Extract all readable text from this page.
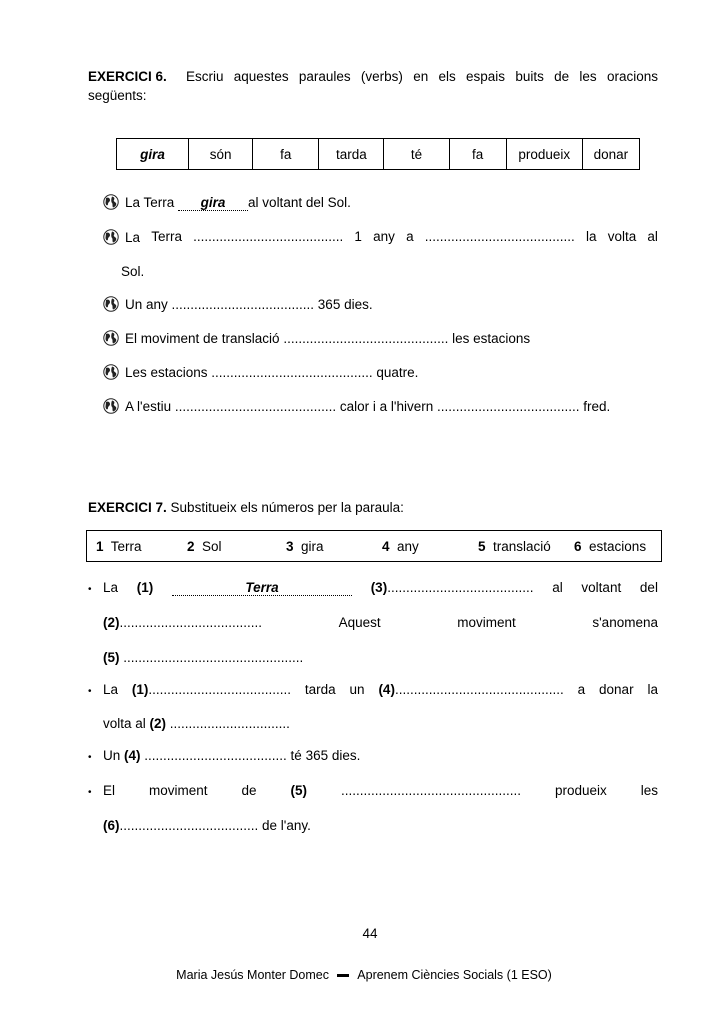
EXERCICI 6. Escriu aquestes paraules (verbs) en els espais buits de les oracions
següents:
gira	són	fa	tarda	té	fa	produeix	donar
La Terra gira al voltant del Sol.
La Terra ........................................ 1 any a ........................................ la volta al
Sol.
Un any ...................................... 365 dies.
El moviment de translació ............................................ les estacions
Les estacions ........................................... quatre.
A l'estiu ........................................... calor i a l'hivern ...................................... fred.
EXERCICI 7. Substitueix els números per la paraula:
1 Terra	2 Sol	3 gira	4 any	5 translació 6 estacions
• La (1)	Terra	(3)....................................... al voltant del
(2)......................................	Aquest	moviment	s'anomena
(5) ................................................
• La (1)...................................... tarda un (4)............................................. a donar la
volta al (2) ................................
• Un (4) ...................................... té 365 dies.
• El	moviment	de	(5)	................................................	produeix	les
(6)..................................... de l'any.
44
Maria Jesús Monter Domec Aprenem Ciències Socials (1 ESO)
